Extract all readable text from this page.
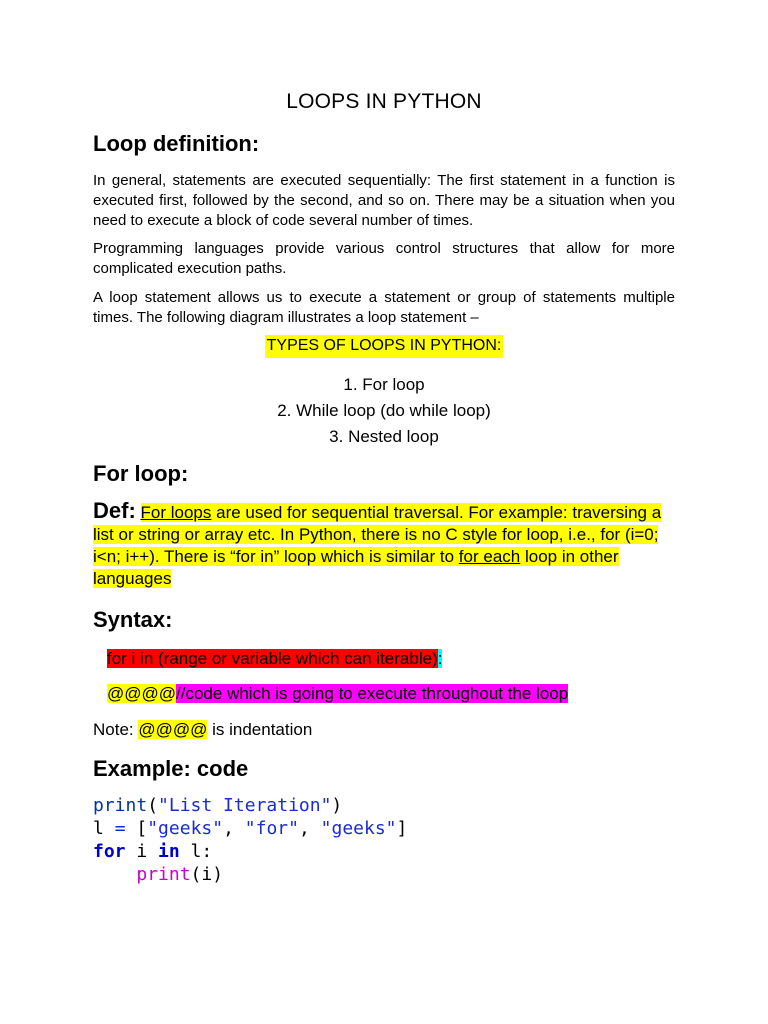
LOOPS IN PYTHON
Loop definition:
In general, statements are executed sequentially: The first statement in a function is executed first, followed by the second, and so on. There may be a situation when you need to execute a block of code several number of times.
Programming languages provide various control structures that allow for more complicated execution paths.
A loop statement allows us to execute a statement or group of statements multiple times. The following diagram illustrates a loop statement –
TYPES OF LOOPS IN PYTHON:
1. For loop
2. While loop (do while loop)
3. Nested loop
For loop:
Def: For loops are used for sequential traversal. For example: traversing a list or string or array etc. In Python, there is no C style for loop, i.e., for (i=0; i<n; i++). There is “for in” loop which is similar to for each loop in other languages
Syntax:
for i in (range or variable which can iterable):
@@@@//code which is going to execute throughout the loop
Note: @@@@ is indentation
Example: code
print("List Iteration")
l = ["geeks", "for", "geeks"]
for i in l:
print(i)
